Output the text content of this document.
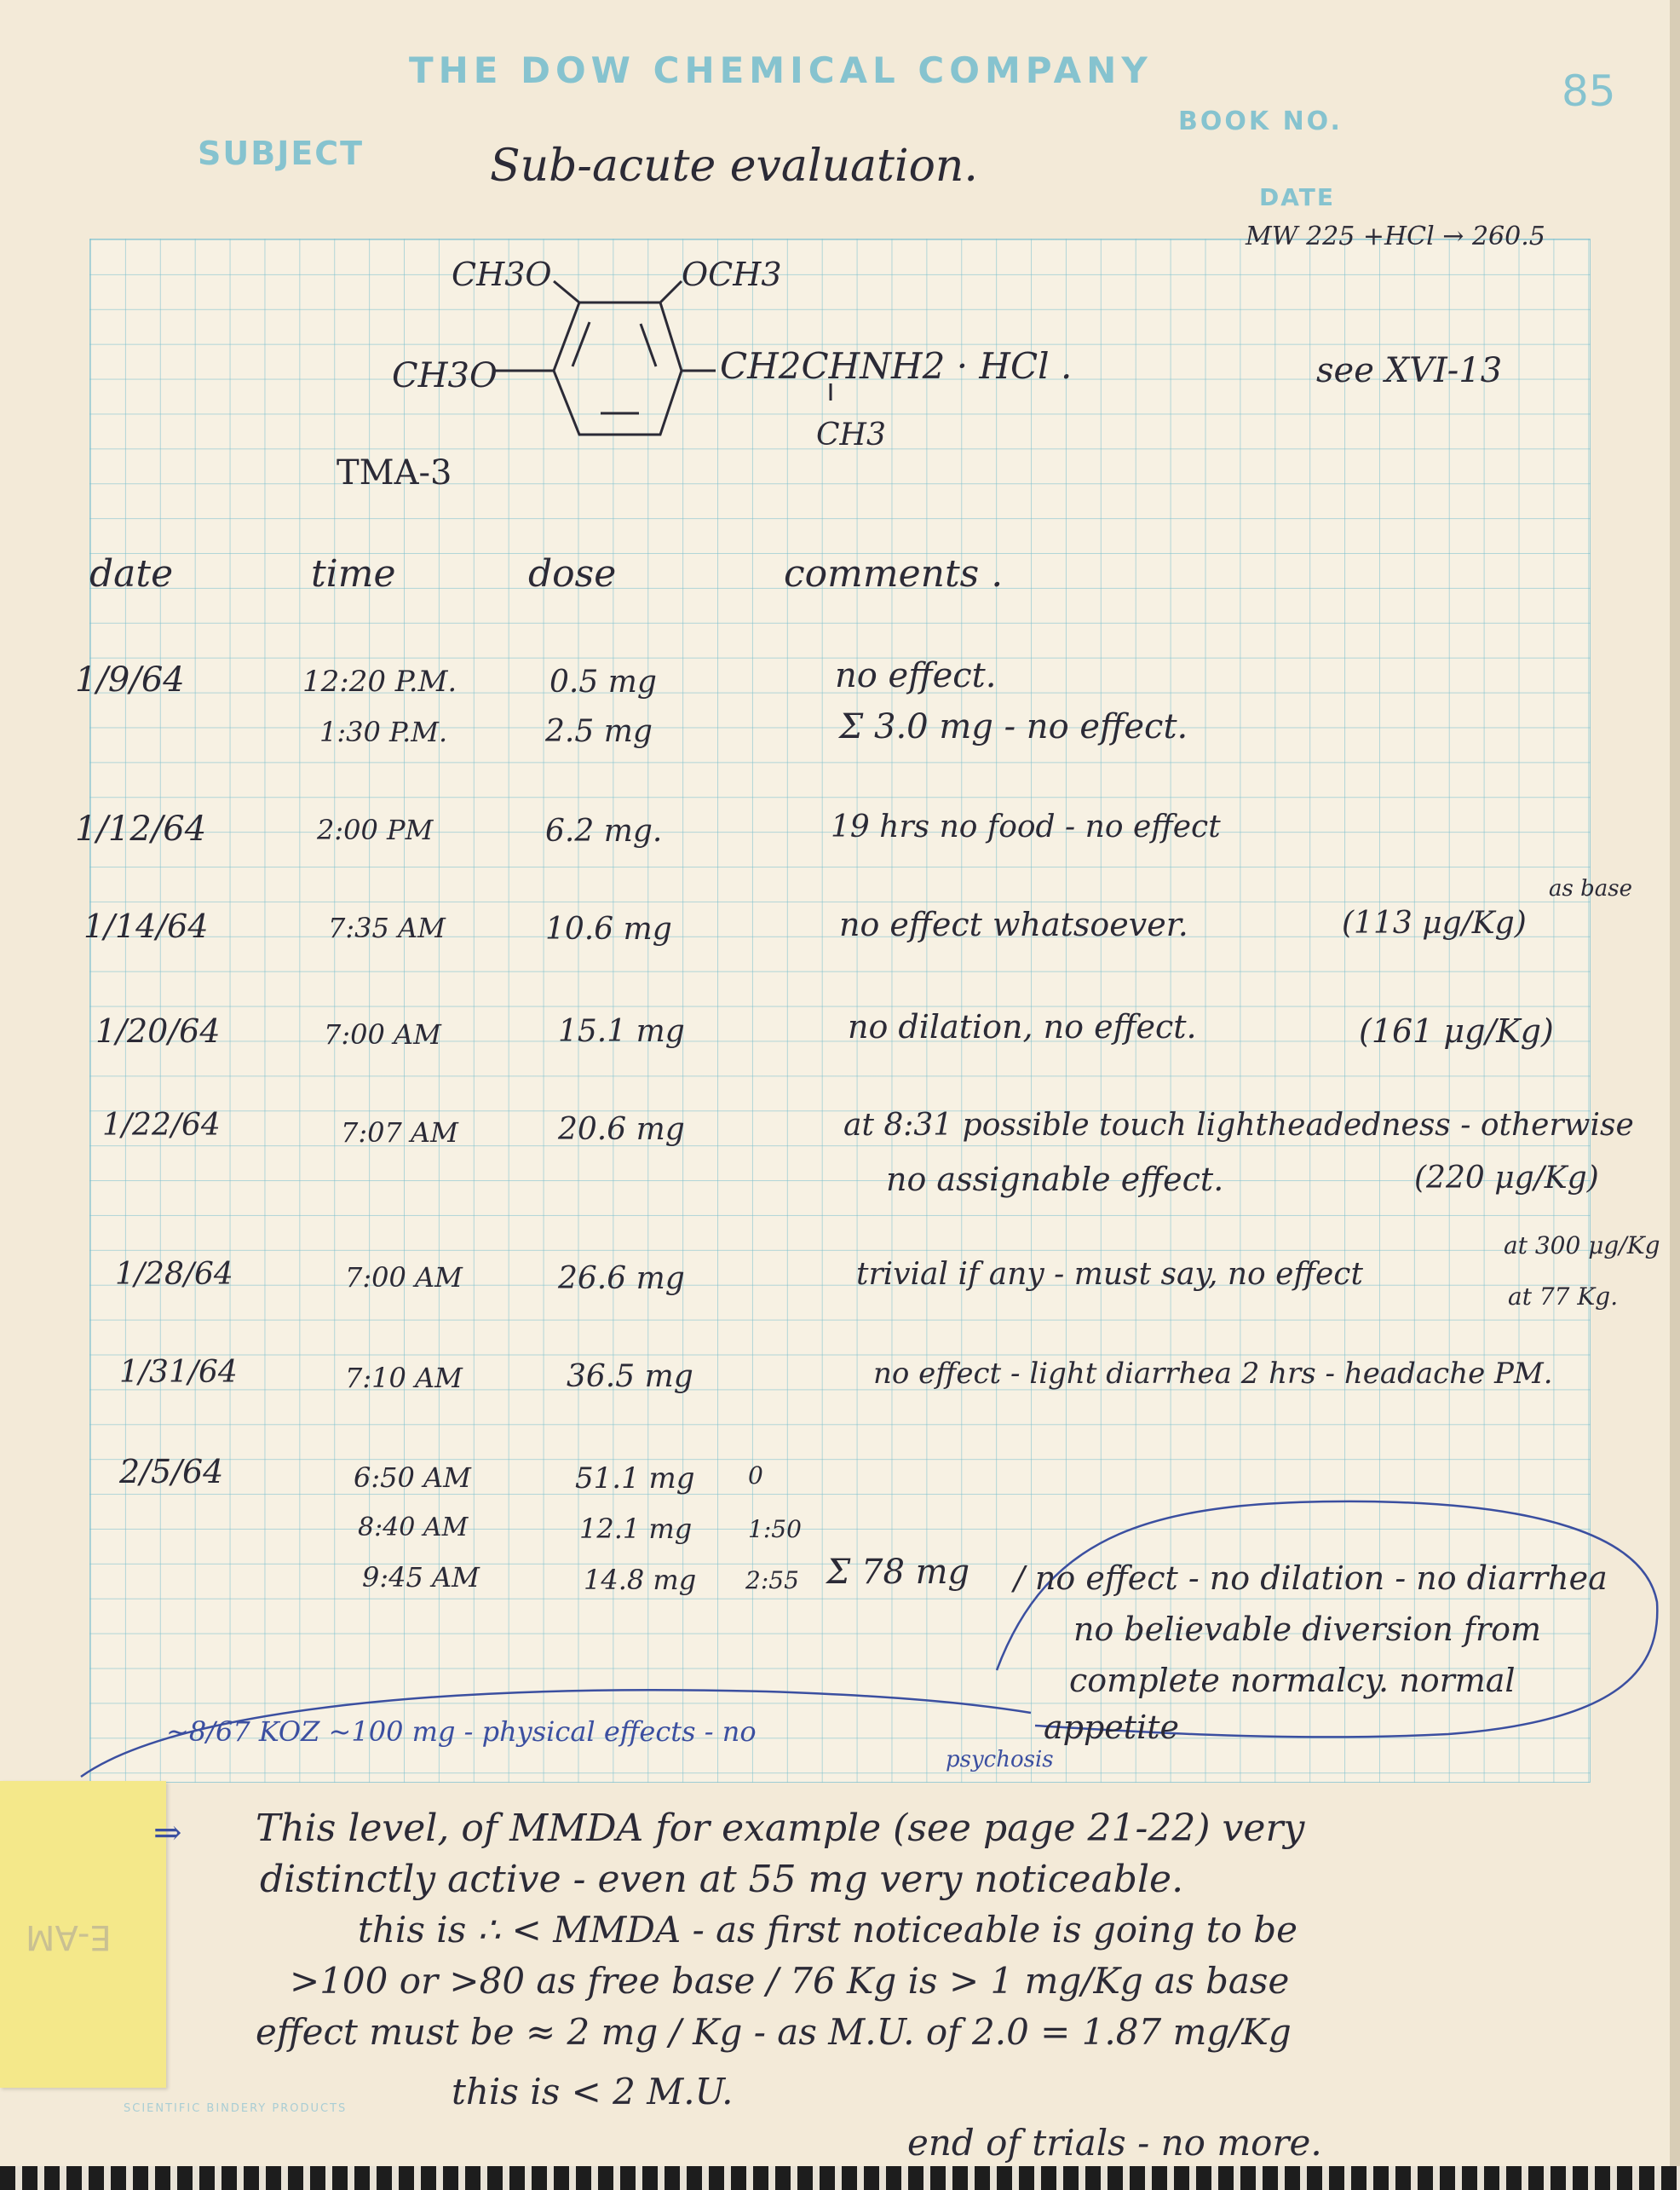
THE DOW CHEMICAL COMPANY
BOOK NO.
85
SUBJECT	Sub-acute evaluation.
DATE
MW 225 +HCl → 260.5
CH3O	OCH3
CH3O	CH2CHNH2 · HCl .
CH3
TMA-3
see XVI-13
date	time	dose	comments .
1/9/64	12:20 P.M.	0.5 mg	no effect.
1:30 P.M.	2.5 mg	Σ 3.0 mg - no effect.
1/12/64	2:00 PM	6.2 mg.	19 hrs no food - no effect
1/14/64	7:35 AM	10.6 mg	no effect whatsoever.	(113 μg/Kg)
as base
1/20/64	7:00 AM	15.1 mg	no dilation, no effect.	(161 μg/Kg)
1/22/64	7:07 AM	20.6 mg	at 8:31 possible touch lightheadedness - otherwise
no assignable effect.	(220 μg/Kg)
1/28/64	7:00 AM	26.6 mg	trivial if any - must say, no effect
at 300 μg/Kg
at 77 Kg.
1/31/64	7:10 AM	36.5 mg	no effect - light diarrhea 2 hrs - headache PM.
2/5/64	6:50 AM	51.1 mg 0
8:40 AM	12.1 mg 1:50
9:45 AM	14.8 mg 2:55 Σ 78 mg / no effect - no dilation - no diarrhea
no believable diversion from
complete normalcy. normal
appetite
~8/67 KOZ ~100 mg - physical effects - no
psychosis
E-AM
⇒ This level, of MMDA for example (see page 21-22) very
distinctly active - even at 55 mg very noticeable.
this is ∴ < MMDA - as first noticeable is going to be
>100 or >80 as free base / 76 Kg is > 1 mg/Kg as base
effect must be ≈ 2 mg / Kg - as M.U. of 2.0 = 1.87 mg/Kg
this is < 2 M.U.
end of trials - no more.
SCIENTIFIC BINDERY PRODUCTS
